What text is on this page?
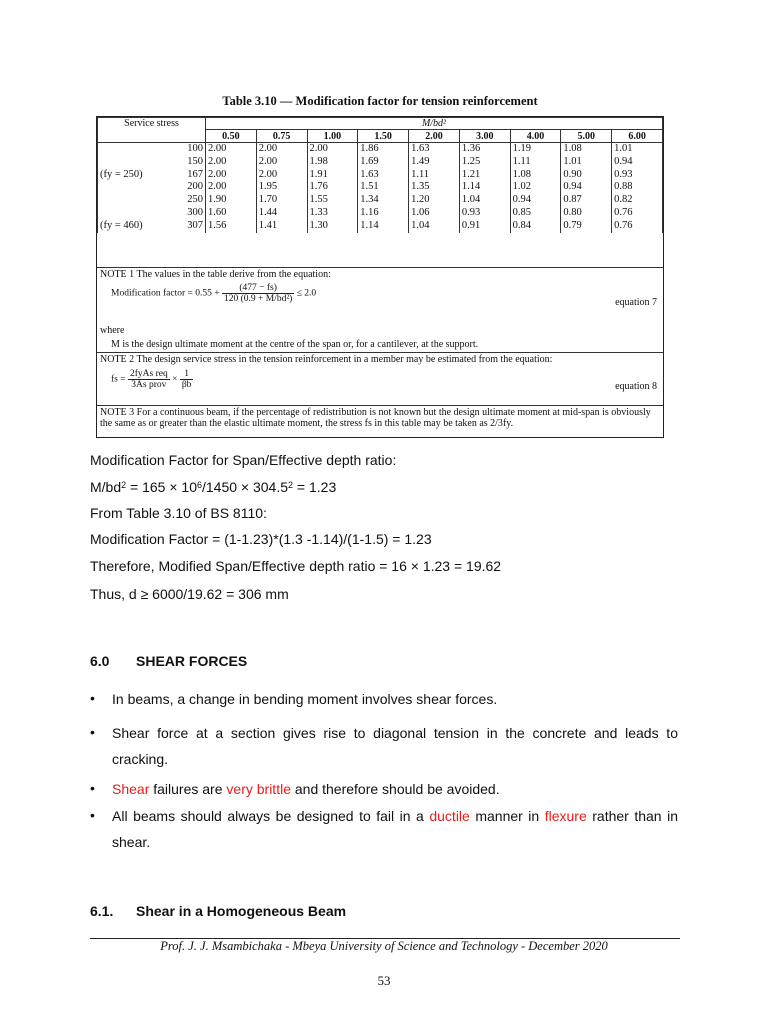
Table 3.10 — Modification factor for tension reinforcement
Service stress	M/bd²								
	0.50	0.75	1.00	1.50	2.00	3.00	4.00	5.00	6.00

100	2.00	2.00	2.00	1.86	1.63	1.36	1.19	1.08	1.01

150	2.00	2.00	1.98	1.69	1.49	1.25	1.11	1.01	0.94

(fy = 250) 167	2.00	2.00	1.91	1.63	1.11	1.21	1.08	0.90	0.93

200	2.00	1.95	1.76	1.51	1.35	1.14	1.02	0.94	0.88

250	1.90	1.70	1.55	1.34	1.20	1.04	0.94	0.87	0.82

300	1.60	1.44	1.33	1.16	1.06	0.93	0.85	0.80	0.76

(fy = 460) 307	1.56	1.41	1.30	1.14	1.04	0.91	0.84	0.79	0.76
NOTE 1 The values in the table derive from the equation:
Modification factor = $0.55 + \frac{(477 - fs)}{\text{120 (0.9 + M/bd²)}} \le 2.0$
equation 7
where
M is the design ultimate moment at the centre of the span or, for a cantilever, at the support.
NOTE 2 The design service stress in the tension reinforcement in a member may be estimated from the equation:
fs = $\frac{\text{2fyAs req}}{\text{3As prov}} \times \frac{1}{\beta b}$	equation 8
NOTE 3 For a continuous beam, if the percentage of redistribution is not known but the design ultimate moment at mid-span is obviously the same as or greater than the elastic ultimate moment, the stress fs in this table may be taken as 2/3fy.
Modification Factor for Span/Effective depth ratio:
$M/bd^2 = 165 \times 10^6/1450 \times 304.5^2 = 1.23$
From Table 3.10 of BS 8110:
Modification Factor = (1-1.23)*(1.3 -1.14)/(1-1.5) = 1.23
Therefore, Modified Span/Effective depth ratio = 16 × 1.23 = 19.62
Thus, d ≥ 6000/19.62 = 306 mm
6.0 SHEAR FORCES
• In beams, a change in bending moment involves shear forces.
• Shear force at a section gives rise to diagonal tension in the concrete and leads to cracking.
• Shear failures are very brittle and therefore should be avoided.
• All beams should always be designed to fail in a ductile manner in flexure rather than in shear.
6.1. Shear in a Homogeneous Beam
Prof. J. J. Msambichaka - Mbeya University of Science and Technology - December 2020
53
